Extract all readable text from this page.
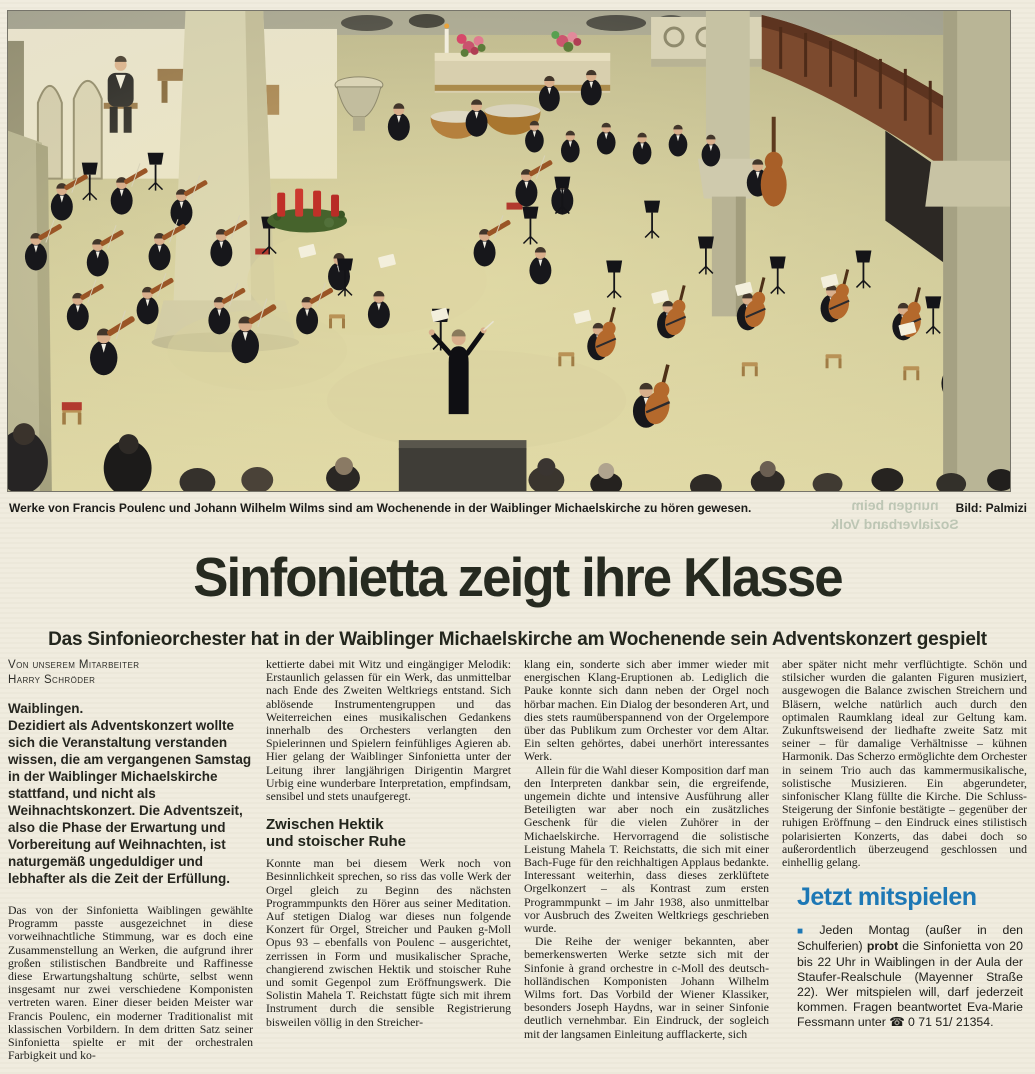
Werke von Francis Poulenc und Johann Wilhelm Wilms sind am Wochenende in der Waiblinger Michaelskirche zu hören gewesen.	Bild: Palmizi
nungen beim
Sozialverband Volk
Sinfonietta zeigt ihre Klasse
Das Sinfonieorchester hat in der Waiblinger Michaelskirche am Wochenende sein Adventskonzert gespielt
Von unserem Mitarbeiter
Harry Schröder

Waiblingen.
Dezidiert als Adventskonzert wollte sich die Veranstaltung verstanden wissen, die am vergangenen Samstag in der Waiblinger Michaelskirche stattfand, und nicht als Weihnachtskonzert. Die Adventszeit, also die Phase der Erwartung und Vorbereitung auf Weihnachten, ist naturgemäß ungeduldiger und lebhafter als die Zeit der Erfüllung.

Das von der Sinfonietta Waiblingen gewählte Programm passte ausgezeichnet in diese vorweihnachtliche Stimmung, war es doch eine Zusammenstellung an Werken, die aufgrund ihrer großen stilistischen Bandbreite und Raffinesse diese Erwartungshaltung schürte, selbst wenn insgesamt nur zwei verschiedene Komponisten vertreten waren. Einer dieser beiden Meister war Francis Poulenc, ein moderner Traditionalist mit klassischen Vorbildern. In dem dritten Satz seiner Sinfonietta spielte er mit der orchestralen Farbigkeit und ko-

kettierte dabei mit Witz und eingängiger Melodik: Erstaunlich gelassen für ein Werk, das unmittelbar nach Ende des Zweiten Weltkriegs entstand. Sich ablösende Instrumentengruppen und das Weiterreichen eines musikalischen Gedankens innerhalb des Orchesters verlangten den Spielerinnen und Spielern feinfühliges Agieren ab. Hier gelang der Waiblinger Sinfonietta unter der Leitung ihrer langjährigen Dirigentin Margret Urbig eine wunderbare Interpretation, empfindsam, sensibel und stets unaufgeregt.

Zwischen Hektik
und stoischer Ruhe

Konnte man bei diesem Werk noch von Besinnlichkeit sprechen, so riss das volle Werk der Orgel gleich zu Beginn des nächsten Programmpunkts den Hörer aus seiner Meditation. Auf stetigen Dialog war dieses nun folgende Konzert für Orgel, Streicher und Pauken g-Moll Opus 93 – ebenfalls von Poulenc – ausgerichtet, zerrissen in Form und musikalischer Sprache, changierend zwischen Hektik und stoischer Ruhe und somit Gegenpol zum Eröffnungswerk. Die Solistin Mahela T. Reichstatt fügte sich mit ihrem Instrument durch die sensible Registrierung bisweilen völlig in den Streicher-

klang ein, sonderte sich aber immer wieder mit energischen Klang-Eruptionen ab. Lediglich die Pauke konnte sich dann neben der Orgel noch hörbar machen. Ein Dialog der besonderen Art, und dies stets raumüberspannend von der Orgelempore über das Publikum zum Orchester vor dem Altar. Ein selten gehörtes, dabei unerhört interessantes Werk.

Allein für die Wahl dieser Komposition darf man den Interpreten dankbar sein, die ergreifende, ungemein dichte und intensive Ausführung aller Beteiligten war aber noch ein zusätzliches Geschenk für die vielen Zuhörer in der Michaelskirche. Hervorragend die solistische Leistung Mahela T. Reichstatts, die sich mit einer Bach-Fuge für den reichhaltigen Applaus bedankte. Interessant weiterhin, dass dieses zerklüftete Orgelkonzert – als Kontrast zum ersten Programmpunkt – im Jahr 1938, also unmittelbar vor Ausbruch des Zweiten Weltkriegs geschrieben wurde.

Die Reihe der weniger bekannten, aber bemerkenswerten Werke setzte sich mit der Sinfonie à grand orchestre in c-Moll des deutsch-holländischen Komponisten Johann Wilhelm Wilms fort. Das Vorbild der Wiener Klassiker, besonders Joseph Haydns, war in seiner Sinfonie deutlich vernehmbar. Ein Eindruck, der sogleich mit der langsamen Einleitung aufflackerte, sich

aber später nicht mehr verflüchtigte. Schön und stilsicher wurden die galanten Figuren musiziert, ausgewogen die Balance zwischen Streichern und Bläsern, welche natürlich auch durch den optimalen Raumklang ideal zur Geltung kam. Zukunftsweisend der liedhafte zweite Satz mit seiner – für damalige Verhältnisse – kühnen Harmonik. Das Scherzo ermöglichte dem Orchester in seinem Trio auch das kammermusikalische, solistische Musizieren. Ein abgerundeter, sinfonischer Klang füllte die Kirche. Die Schluss-Steigerung der Sinfonie bestätigte – gegenüber der ruhigen Eröffnung – den Eindruck eines stilistisch polarisierten Konzerts, das dabei doch so außerordentlich überzeugend geschlossen und einhellig gelang.

Jetzt mitspielen

■ Jeden Montag (außer in den Schulferien) probt die Sinfonietta von 20 bis 22 Uhr in Waiblingen in der Aula der Staufer-Realschule (Mayenner Straße 22). Wer mitspielen will, darf jederzeit kommen. Fragen beantwortet Eva-Marie Fessmann unter ☎ 0 71 51/ 21354.
